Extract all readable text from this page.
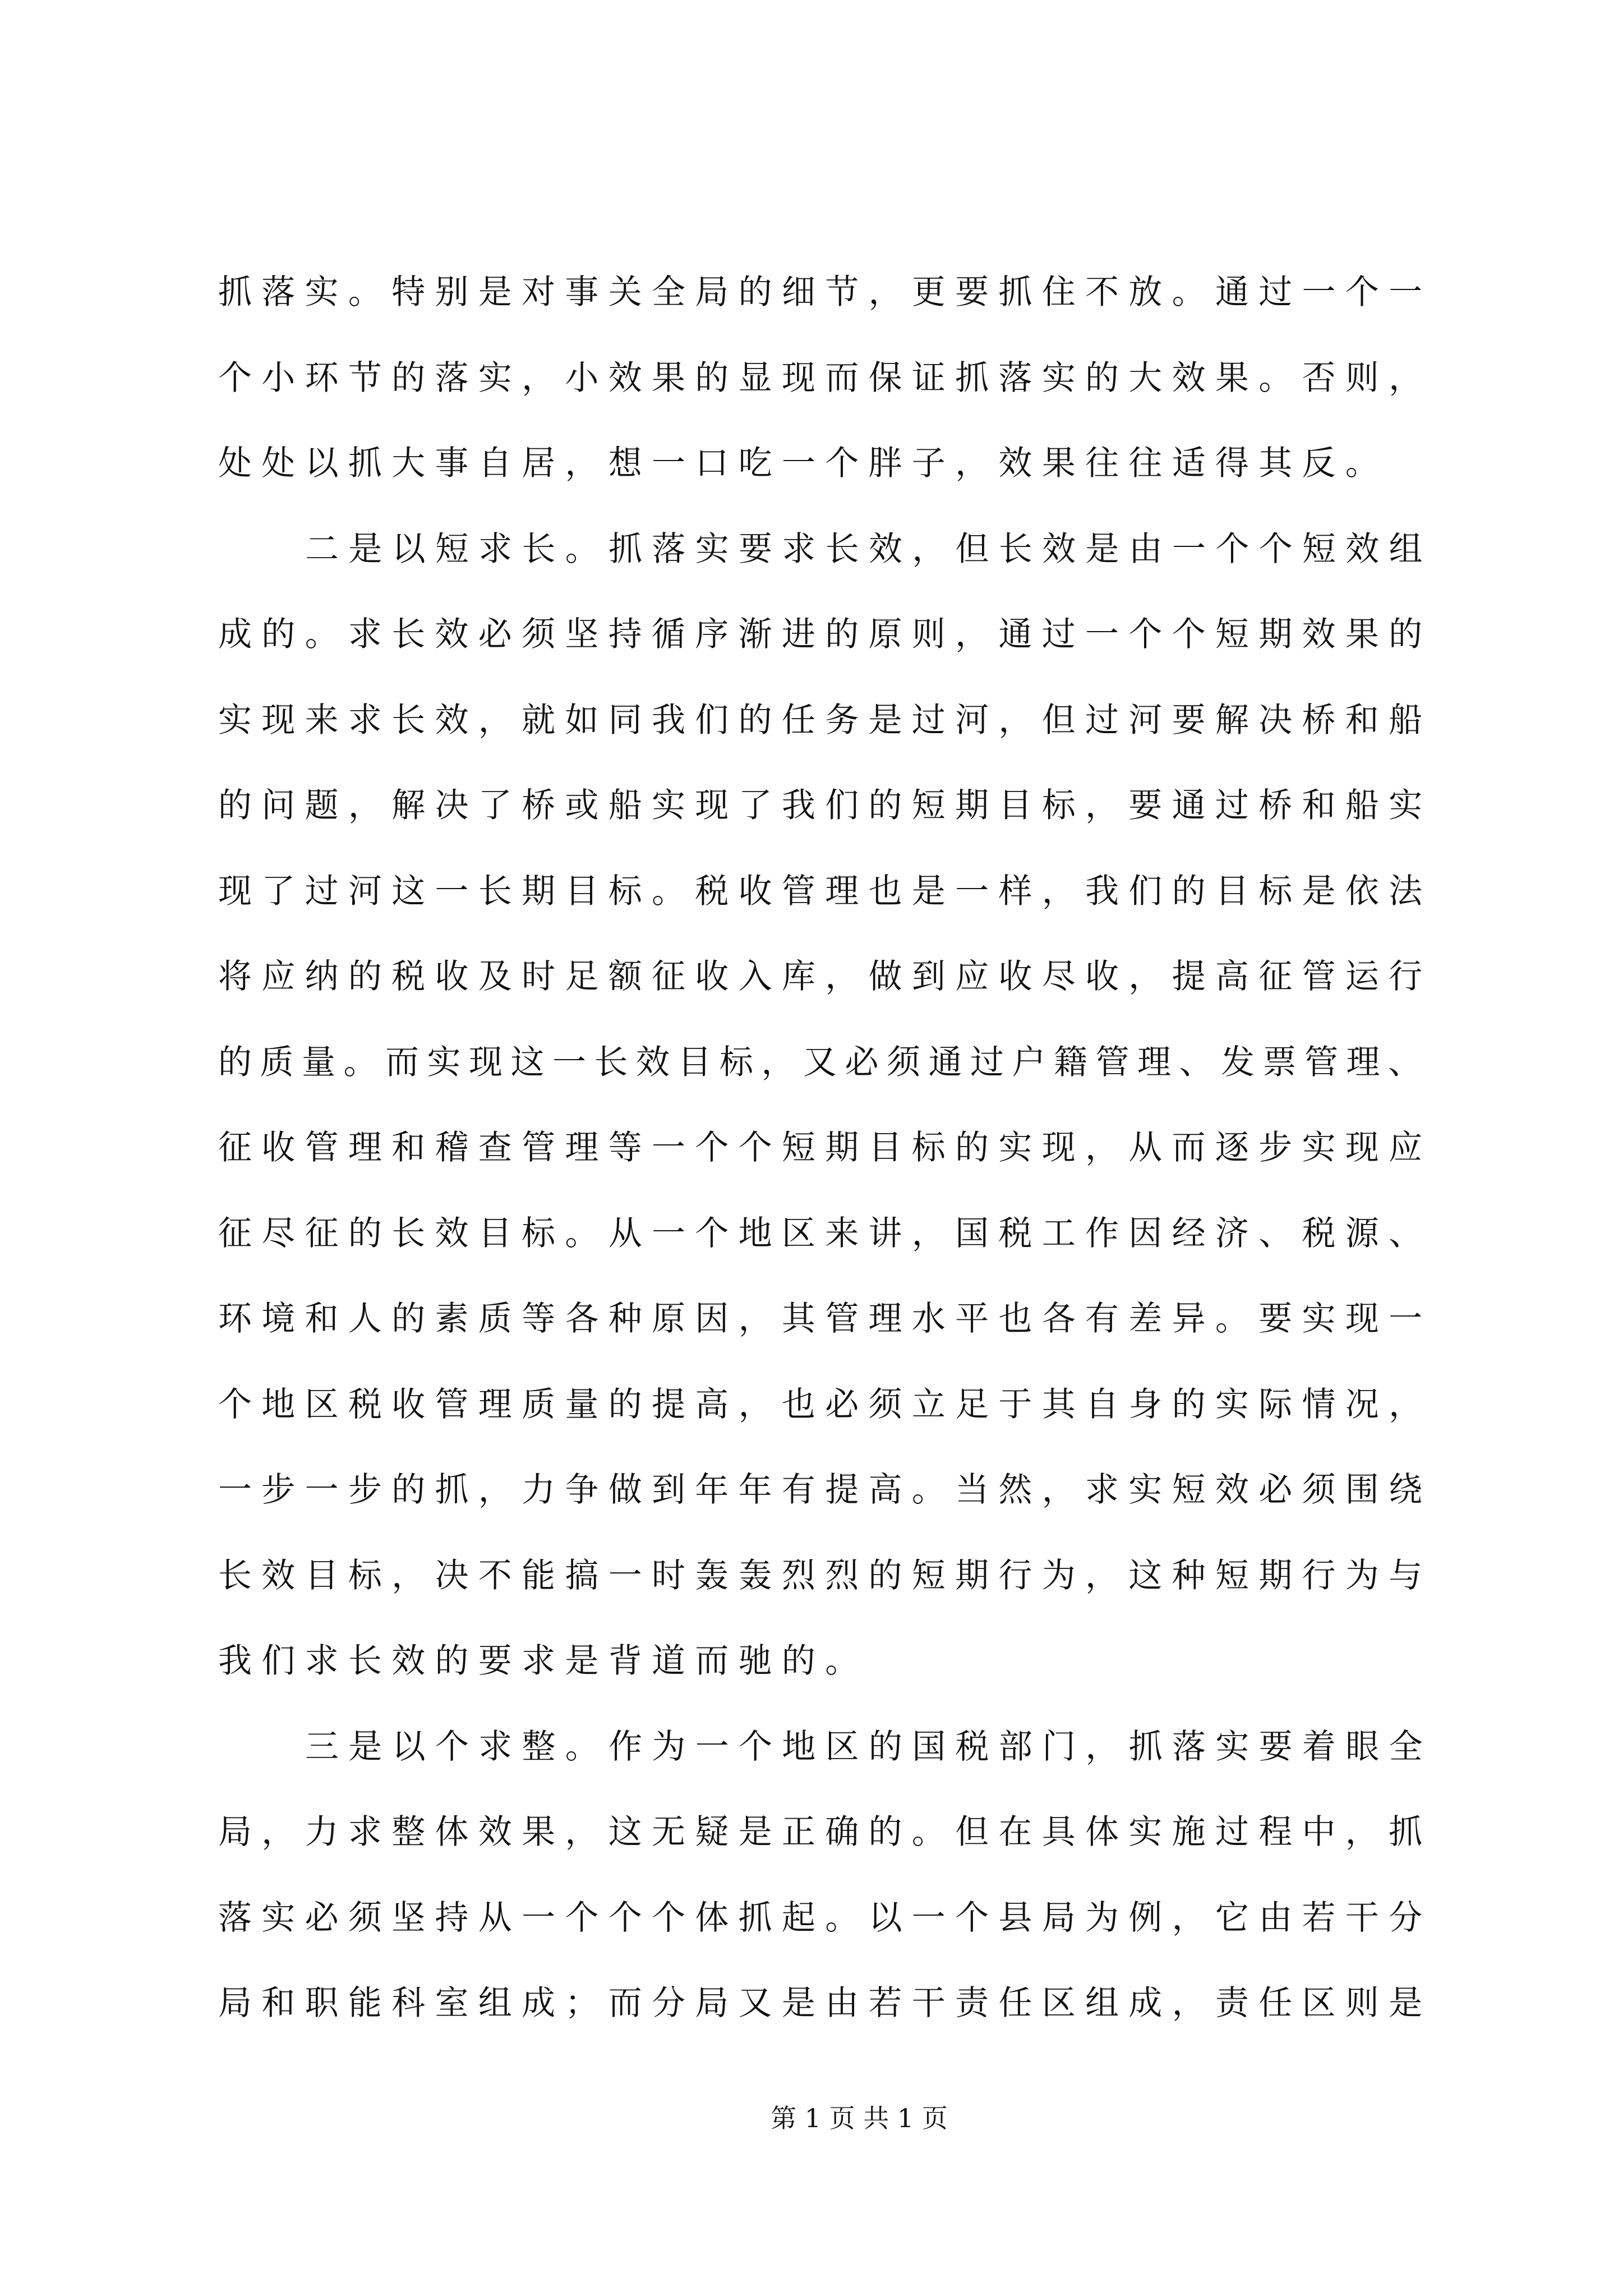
抓落实。特别是对事关全局的细节，更要抓住不放。通过一个一
个小环节的落实，小效果的显现而保证抓落实的大效果。否则，
处处以抓大事自居，想一口吃一个胖子，效果往往适得其反。
二是以短求长。抓落实要求长效，但长效是由一个个短效组
成的。求长效必须坚持循序渐进的原则，通过一个个短期效果的
实现来求长效，就如同我们的任务是过河，但过河要解决桥和船
的问题，解决了桥或船实现了我们的短期目标，要通过桥和船实
现了过河这一长期目标。税收管理也是一样，我们的目标是依法
将应纳的税收及时足额征收入库，做到应收尽收，提高征管运行
的质量。而实现这一长效目标，又必须通过户籍管理、发票管理、
征收管理和稽查管理等一个个短期目标的实现，从而逐步实现应
征尽征的长效目标。从一个地区来讲，国税工作因经济、税源、
环境和人的素质等各种原因，其管理水平也各有差异。要实现一
个地区税收管理质量的提高，也必须立足于其自身的实际情况，
一步一步的抓，力争做到年年有提高。当然，求实短效必须围绕
长效目标，决不能搞一时轰轰烈烈的短期行为，这种短期行为与
我们求长效的要求是背道而驰的。
三是以个求整。作为一个地区的国税部门，抓落实要着眼全
局，力求整体效果，这无疑是正确的。但在具体实施过程中，抓
落实必须坚持从一个个个体抓起。以一个县局为例，它由若干分
局和职能科室组成；而分局又是由若干责任区组成，责任区则是
第 1 页 共 1 页
